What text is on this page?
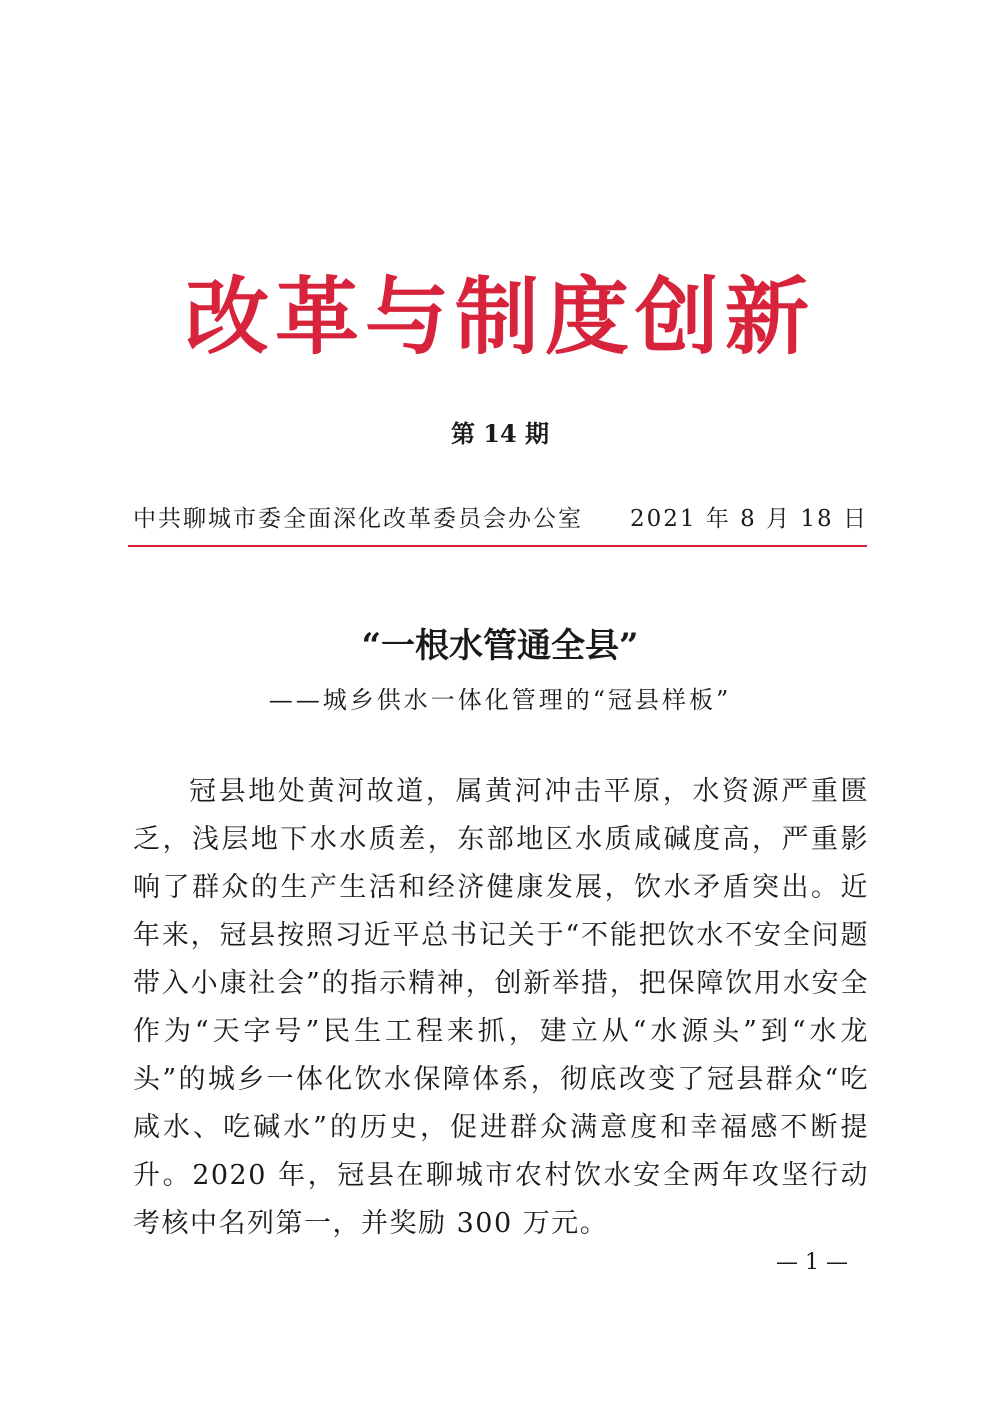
改革与制度创新
第 14 期
中共聊城市委全面深化改革委员会办公室 2021 年 8 月 18 日
“一根水管通全县”
——城乡供水一体化管理的“冠县样板”

冠县地处黄河故道，属黄河冲击平原，水资源严重匮乏，浅层地下水水质差，东部地区水质咸碱度高，严重影响了群众的生产生活和经济健康发展，饮水矛盾突出。近年来，冠县按照习近平总书记关于“不能把饮水不安全问题带入小康社会”的指示精神，创新举措，把保障饮用水安全作为“天字号”民生工程来抓，建立从“水源头”到“水龙头”的城乡一体化饮水保障体系，彻底改变了冠县群众“吃咸水、吃碱水”的历史，促进群众满意度和幸福感不断提升。2020 年，冠县在聊城市农村饮水安全两年攻坚行动考核中名列第一，并奖励 300 万元。

— 1 —
